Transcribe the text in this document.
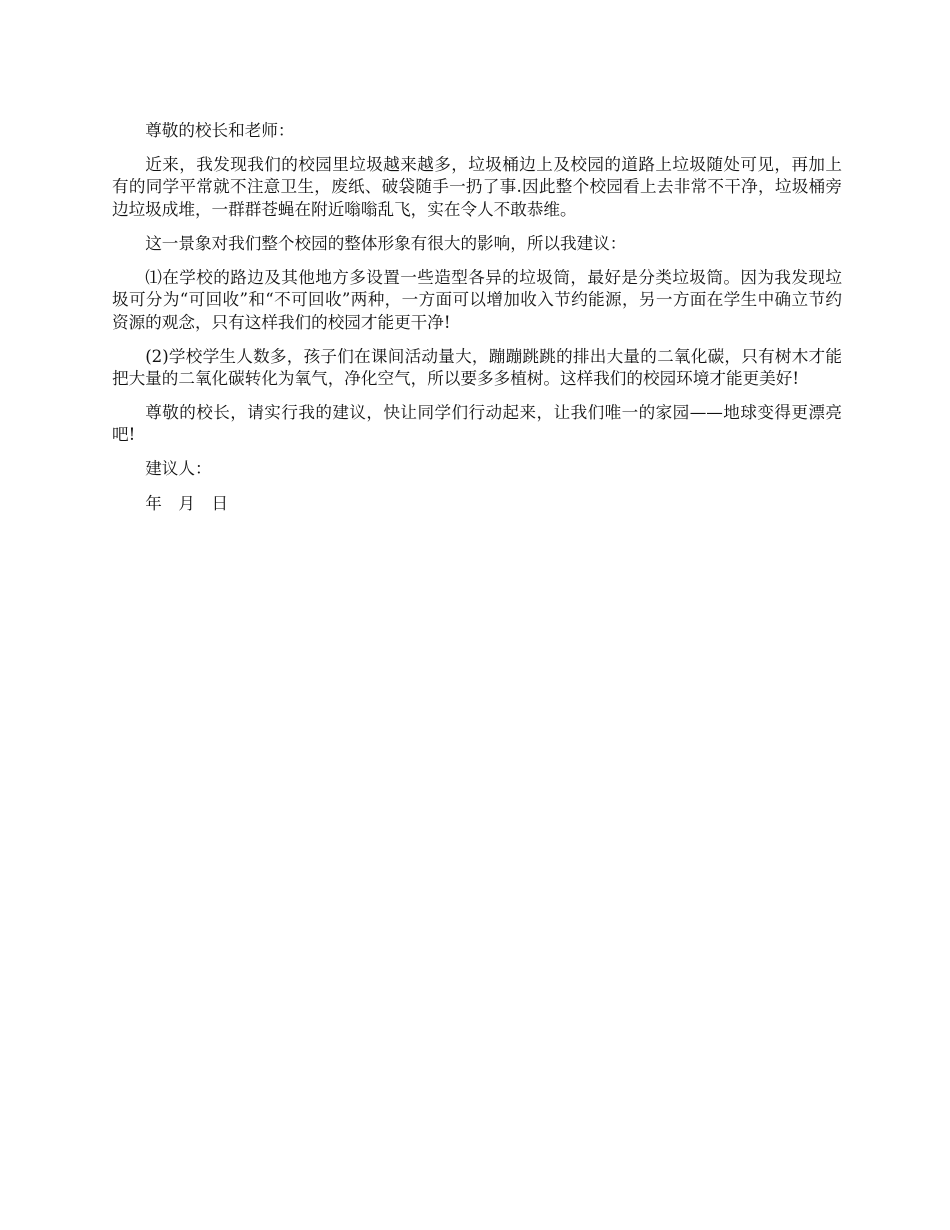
尊敬的校长和老师：

近来，我发现我们的校园里垃圾越来越多，垃圾桶边上及校园的道路上垃圾随处可见，再加上有的同学平常就不注意卫生，废纸、破袋随手一扔了事.因此整个校园看上去非常不干净，垃圾桶旁边垃圾成堆，一群群苍蝇在附近嗡嗡乱飞，实在令人不敢恭维。

这一景象对我们整个校园的整体形象有很大的影响，所以我建议：

⑴在学校的路边及其他地方多设置一些造型各异的垃圾筒，最好是分类垃圾筒。因为我发现垃圾可分为“可回收”和“不可回收”两种，一方面可以增加收入节约能源，另一方面在学生中确立节约资源的观念，只有这样我们的校园才能更干净!

(2)学校学生人数多，孩子们在课间活动量大，蹦蹦跳跳的排出大量的二氧化碳，只有树木才能把大量的二氧化碳转化为氧气，净化空气，所以要多多植树。这样我们的校园环境才能更美好!

尊敬的校长，请实行我的建议，快让同学们行动起来，让我们唯一的家园——地球变得更漂亮吧!

建议人：

年　月　日
